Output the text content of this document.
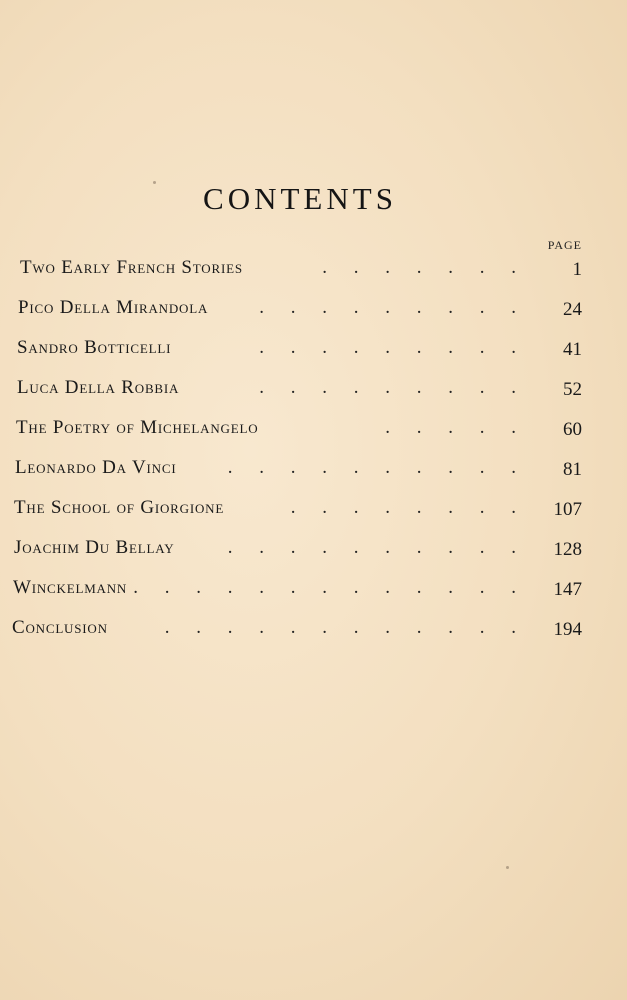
CONTENTS
PAGE
Two Early French Stories	. . . . . . .	1
Pico Della Mirandola	. . . . . . . . .	24
Sandro Botticelli	. . . . . . . . .	41
Luca Della Robbia	. . . . . . . . .	52
The Poetry of Michelangelo	. . . . .	60
Leonardo Da Vinci	. . . . . . . . . .	81
The School of Giorgione	. . . . . . . .	107
Joachim Du Bellay	. . . . . . . . . .	128
Winckelmann . . . . . . . . . . . . .	147
Conclusion	. . . . . . . . . . . .	194
